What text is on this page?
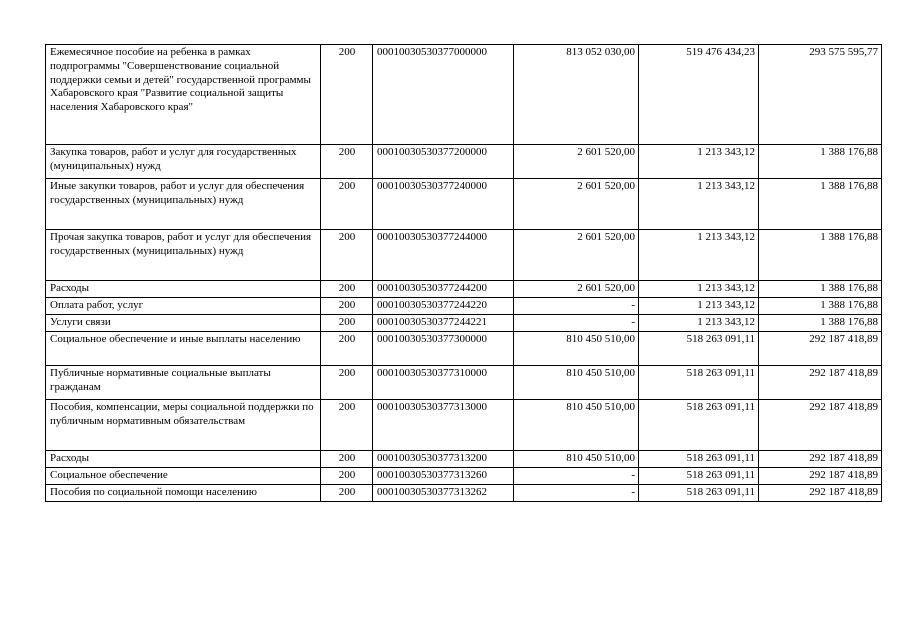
Ежемесячное пособие на ребенка в рамках подпрограммы "Совершенствование социальной поддержки семьи и детей" государственной программы Хабаровского края "Развитие социальной защиты населения Хабаровского края"	200	00010030530377000000	813 052 030,00	519 476 434,23	293 575 595,77
Закупка товаров, работ и услуг для государственных (муниципальных) нужд	200	00010030530377200000	2 601 520,00	1 213 343,12	1 388 176,88
Иные закупки товаров, работ и услуг для обеспечения государственных (муниципальных) нужд	200	00010030530377240000	2 601 520,00	1 213 343,12	1 388 176,88
Прочая закупка товаров, работ и услуг для обеспечения государственных (муниципальных) нужд	200	00010030530377244000	2 601 520,00	1 213 343,12	1 388 176,88
Расходы	200	00010030530377244200	2 601 520,00	1 213 343,12	1 388 176,88
Оплата работ, услуг	200	00010030530377244220	-	1 213 343,12	1 388 176,88
Услуги связи	200	00010030530377244221	-	1 213 343,12	1 388 176,88
Социальное обеспечение и иные выплаты населению	200	00010030530377300000	810 450 510,00	518 263 091,11	292 187 418,89
Публичные нормативные социальные выплаты гражданам	200	00010030530377310000	810 450 510,00	518 263 091,11	292 187 418,89
Пособия, компенсации, меры социальной поддержки по публичным нормативным обязательствам	200	00010030530377313000	810 450 510,00	518 263 091,11	292 187 418,89
Расходы	200	00010030530377313200	810 450 510,00	518 263 091,11	292 187 418,89
Социальное обеспечение	200	00010030530377313260	-	518 263 091,11	292 187 418,89
Пособия по социальной помощи населению	200	00010030530377313262	-	518 263 091,11	292 187 418,89
